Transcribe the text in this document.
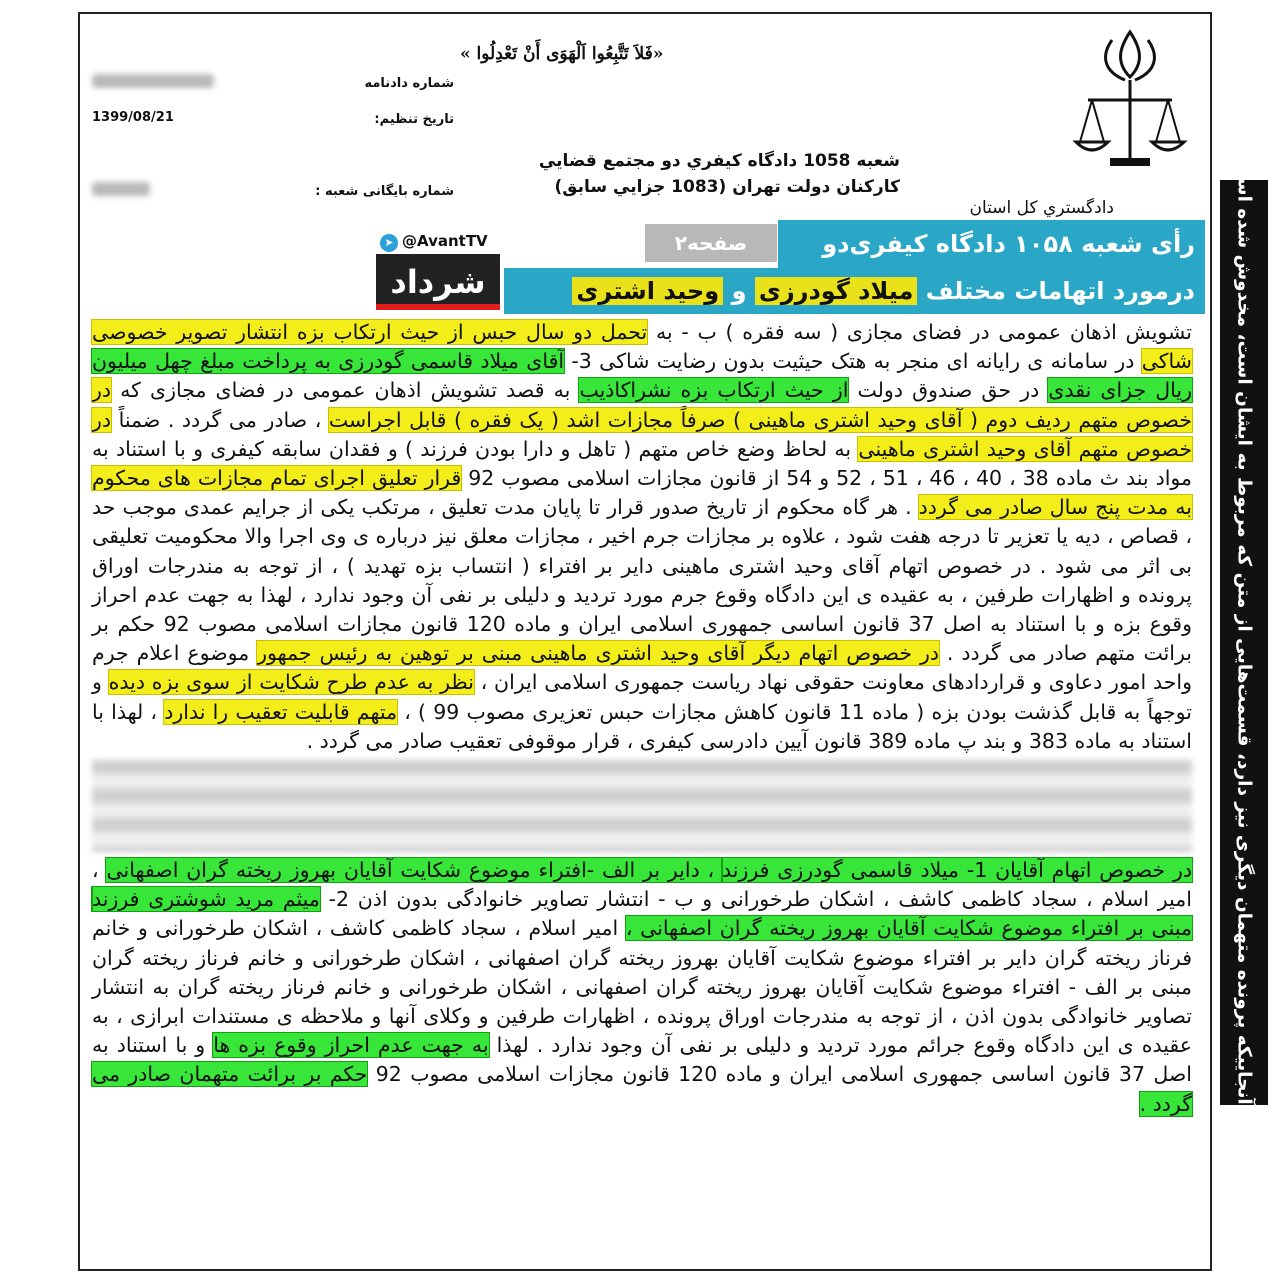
«فَلاَ تَتَّبِعُوا اَلْهَوَى أَنْ تَعْدِلُوا »
شماره دادنامه
تاريخ تنظيم:
1399/08/21
شماره بایگانی شعبه :
شعبه 1058 دادگاه كيفري دو مجتمع قضايي
كاركنان دولت تهران (1083 جزايي سابق)
دادگستري كل استان
رأی شعبه ۱۰۵۸ دادگاه کیفری‌دو
صفحه۲
درمورد اتهامات مختلف میلاد گودرزی و وحید اشتری
➤ @AvantTV
شرداد

تشویش اذهان عمومی در فضای مجازی ( سه فقره ) ب - به تحمل دو سال حبس از حیث ارتکاب بزه انتشار تصویر خصوصی شاکی در سامانه ی رایانه ای منجر به هتک حیثیت بدون رضایت شاکی 3- آقای میلاد قاسمی گودرزی به پرداخت مبلغ چهل میلیون ریال جزای نقدی در حق صندوق دولت از حیث ارتکاب بزه نشراکاذیب به قصد تشویش اذهان عمومی در فضای مجازی که در خصوص متهم ردیف دوم ( آقای وحید اشتری ماهینی ) صرفاً مجازات اشد ( یک فقره ) قابل اجراست ، صادر می گردد . ضمناً در خصوص متهم آقای وحید اشتری ماهینی به لحاظ وضع خاص متهم ( تاهل و دارا بودن فرزند ) و فقدان سابقه کیفری و با استناد به مواد بند ث ماده 38 ، 40 ، 46 ، 51 ، 52 و 54 از قانون مجازات اسلامی مصوب 92 قرار تعلیق اجرای تمام مجازات های محکوم به مدت پنج سال صادر می گردد . هر گاه محکوم از تاریخ صدور قرار تا پایان مدت تعلیق ، مرتکب یکی از جرایم عمدی موجب حد ، قصاص ، دیه یا تعزیر تا درجه هفت شود ، علاوه بر مجازات جرم اخیر ، مجازات معلق نیز درباره ی وی اجرا والا محکومیت تعلیقی بی اثر می شود . در خصوص اتهام آقای وحید اشتری ماهینی دایر بر افتراء ( انتساب بزه تهدید ) ، از توجه به مندرجات اوراق پرونده و اظهارات طرفین ، به عقیده ی این دادگاه وقوع جرم مورد تردید و دلیلی بر نفی آن وجود ندارد ، لهذا به جهت عدم احراز وقوع بزه و با استناد به اصل 37 قانون اساسی جمهوری اسلامی ایران و ماده 120 قانون مجازات اسلامی مصوب 92 حکم بر برائت متهم صادر می گردد . در خصوص اتهام دیگر آقای وحید اشتری ماهینی مبنی بر توهین به رئیس جمهور موضوع اعلام جرم واحد امور دعاوی و قراردادهای معاونت حقوقی نهاد ریاست جمهوری اسلامی ایران ، نظر به عدم طرح شکایت از سوی بزه دیده و توجهاً به قابل گذشت بودن بزه ( ماده 11 قانون کاهش مجازات حبس تعزیری مصوب 99 ) ، متهم قابلیت تعقیب را ندارد ، لهذا با استناد به ماده 383 و بند پ ماده 389 قانون آیین دادرسی کیفری ، قرار موقوفی تعقیب صادر می گردد .

در خصوص اتهام آقایان 1- میلاد قاسمی گودرزی فرزند ، دایر بر الف -افتراء موضوع شکایت آقایان بهروز ریخته گران اصفهانی ، امیر اسلام ، سجاد کاظمی کاشف ، اشکان طرخورانی و ب - انتشار تصاویر خانوادگی بدون اذن 2- میثم مرید شوشتری فرزند مبنی بر افتراء موضوع شکایت آقایان بهروز ریخته گران اصفهانی ، امیر اسلام ، سجاد کاظمی کاشف ، اشکان طرخورانی و خانم فرناز ریخته گران دایر بر افتراء موضوع شکایت آقایان بهروز ریخته گران اصفهانی ، اشکان طرخورانی و خانم فرناز ریخته گران مبنی بر الف - افتراء موضوع شکایت آقایان بهروز ریخته گران اصفهانی ، اشکان طرخورانی و خانم فرناز ریخته گران به انتشار تصاویر خانوادگی بدون اذن ، از توجه به مندرجات اوراق پرونده ، اظهارات طرفین و وکلای آنها و ملاحظه ی مستندات ابرازی ، به عقیده ی این دادگاه وقوع جرائم مورد تردید و دلیلی بر نفی آن وجود ندارد . لهذا به جهت عدم احراز وقوع بزه ها و با استناد به اصل 37 قانون اساسی جمهوری اسلامی ایران و ماده 120 قانون مجازات اسلامی مصوب 92 حکم بر برائت متهمان صادر می گردد . از آنجاییکه پرونده متهمان دیگری نیز دارد، قسمت‌هایی از متن که مربوط به ایشان است، مخدوش شده است
